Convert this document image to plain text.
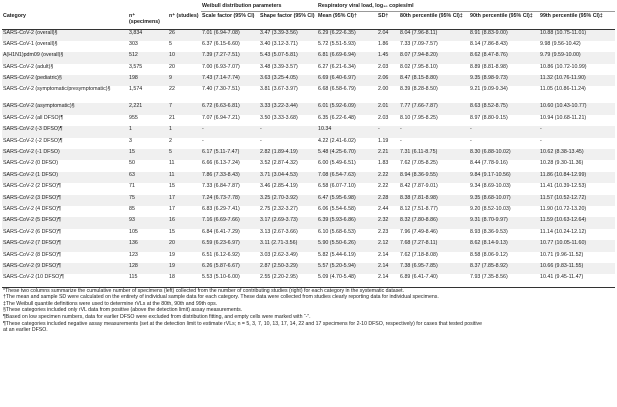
			Weibull distribution parameters		Respiratory viral load, log₁₀ copies/ml				
Category	n⁺ (specimens)	n⁺ (studies)	Scale factor (95% CI)	Shape factor (95% CI)	Mean (95% CI)†	SD†	80th percentile (95% CI)‡	90th percentile (95% CI)‡	99th percentile (95% CI)‡
SARS-CoV-2 (overall)§	3,834	26	7.01 (6.94-7.08)	3.47 (3.39-3.56)	6.29 (6.22-6.35)	2.04	8.04 (7.96-8.11)	8.91 (8.83-9.00)	10.88 (10.75-11.01)
SARS-CoV-1 (overall)§	303	5	6.37 (6.15-6.60)	3.40 (3.12-3.71)	5.72 (5.51-5.93)	1.86	7.33 (7.09-7.57)	8.14 (7.86-8.43)	9.98 (9.56-10.42)
A(H1N1)pdm09 (overall)§	512	10	7.39 (7.27-7.51)	5.43 (5.07-5.81)	6.81 (6.69-6.94)	1.45	8.07 (7.94-8.20)	8.62 (8.47-8.76)	9.79 (9.59-10.00)
SARS-CoV-2 (adult)§	3,575	20	7.00 (6.93-7.07)	3.48 (3.39-3.57)	6.27 (6.21-6.34)	2.03	8.02 (7.95-8.10)	8.89 (8.81-8.98)	10.86 (10.72-10.99)
SARS-CoV-2 (pediatric)§	198	9	7.43 (7.14-7.74)	3.63 (3.25-4.05)	6.69 (6.40-6.97)	2.06	8.47 (8.15-8.80)	9.35 (8.98-9.73)	11.32 (10.76-11.90)
SARS-CoV-2 (symptomatic/presymptomatic)§	1,574	22	7.40 (7.30-7.51)	3.81 (3.67-3.97)	6.68 (6.58-6.79)	2.00	8.39 (8.28-8.50)	9.21 (9.09-9.34)	11.05 (10.86-11.24)
SARS-CoV-2 (asymptomatic)§	2,221	7	6.72 (6.63-6.81)	3.33 (3.22-3.44)	6.01 (5.92-6.09)	2.01	7.77 (7.66-7.87)	8.63 (8.52-8.75)	10.60 (10.43-10.77)
SARS-CoV-2 (all DFSO)¶	955	21	7.07 (6.94-7.21)	3.50 (3.33-3.68)	6.35 (6.22-6.48)	2.03	8.10 (7.95-8.25)	8.97 (8.80-9.15)	10.94 (10.68-11.21)
SARS-CoV-2 (-3 DFSO)¶	1	1	-	-	10.34	-	-	-	-
SARS-CoV-2 (-2 DFSO)¶	3	2	-	-	4.22 (2.41-6.02)	1.19	-	-	-
SARS-CoV-2 (-1 DFSO)	15	5	6.17 (5.11-7.47)	2.82 (1.89-4.19)	5.48 (4.25-6.70)	2.21	7.31 (6.11-8.75)	8.30 (6.88-10.02)	10.62 (8.38-13.45)
SARS-CoV-2 (0 DFSO)	50	11	6.66 (6.13-7.24)	3.52 (2.87-4.32)	6.00 (5.49-6.51)	1.83	7.62 (7.05-8.25)	8.44 (7.78-9.16)	10.28 (9.30-11.36)
SARS-CoV-2 (1 DFSO)	63	11	7.86 (7.33-8.43)	3.71 (3.04-4.53)	7.08 (6.54-7.63)	2.22	8.94 (8.36-9.55)	9.84 (9.17-10.56)	11.86 (10.84-12.99)
SARS-CoV-2 (2 DFSO)¶	71	15	7.33 (6.84-7.87)	3.46 (2.85-4.19)	6.58 (6.07-7.10)	2.22	8.42 (7.87-9.01)	9.34 (8.69-10.03)	11.41 (10.39-12.53)
SARS-CoV-2 (3 DFSO)¶	75	17	7.24 (6.73-7.78)	3.25 (2.70-3.92)	6.47 (5.95-6.98)	2.28	8.38 (7.81-8.98)	9.35 (8.68-10.07)	11.57 (10.52-12.72)
SARS-CoV-2 (4 DFSO)¶	85	17	6.83 (6.29-7.41)	2.75 (2.32-3.27)	6.06 (5.54-6.58)	2.44	8.12 (7.51-8.77)	9.20 (8.52-10.03)	11.90 (10.72-13.20)
SARS-CoV-2 (5 DFSO)¶	93	16	7.16 (6.69-7.66)	3.17 (2.69-3.73)	6.39 (5.93-6.86)	2.32	8.32 (7.80-8.86)	9.31 (8.70-9.97)	11.59 (10.63-12.64)
SARS-CoV-2 (6 DFSO)¶	105	15	6.84 (6.41-7.29)	3.13 (2.67-3.66)	6.10 (5.68-6.53)	2.23	7.96 (7.49-8.46)	8.93 (8.36-9.53)	11.14 (10.24-12.12)
SARS-CoV-2 (7 DFSO)¶	136	20	6.59 (6.23-6.97)	3.11 (2.71-3.56)	5.90 (5.50-6.26)	2.12	7.68 (7.27-8.11)	8.62 (8.14-9.13)	10.77 (10.05-11.60)
SARS-CoV-2 (8 DFSO)¶	123	19	6.51 (6.12-6.92)	3.03 (2.62-3.49)	5.82 (5.44-6.19)	2.14	7.62 (7.18-8.08)	8.58 (8.06-9.12)	10.71 (9.96-11.52)
SARS-CoV-2 (9 DFSO)¶	128	19	6.26 (5.87-6.67)	2.87 (2.50-3.29)	5.57 (5.20-5.94)	2.14	7.38 (6.95-7.85)	8.37 (7.85-8.92)	10.66 (9.83-11.55)
SARS-CoV-2 (10 DFSO)¶	115	18	5.53 (5.10-6.00)	2.55 (2.20-2.95)	5.09 (4.70-5.48)	2.14	6.89 (6.41-7.40)	7.93 (7.35-8.56)	10.41 (9.45-11.47)
*These two columns summarize the cumulative number of specimens (left) collected from the number of contributing studies (right) for each category in the systematic dataset.
†The mean and sample SD were calculated on the entirety of individual sample data for each category. These data were collected from studies clearly reporting data for individual specimens.
‡The Weibull quantile definitions were used to determine rVLs at the 80th, 90th and 99th ops.
§These categories included only rVL data from positive (above the detection limit) assay measurements.
¶Based on low specimen numbers, data for earlier DFSO were excluded from distribution fitting, and empty cells were marked with “-”.
¶These categories included negative assay measurements (set at the detection limit to estimate rVLs; n = 5, 3, 7, 10, 13, 17, 14, 22 and 17 specimens for 2-10 DFSO, respectively) for cases that tested positive
at an earlier DFSO.
